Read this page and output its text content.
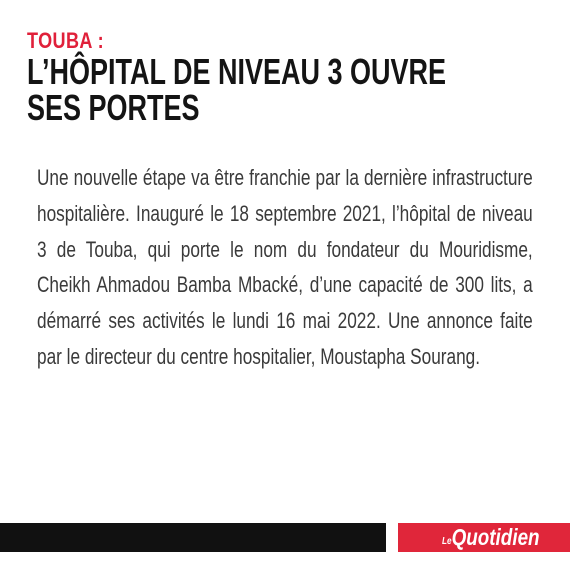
TOUBA :
L’HÔPITAL DE NIVEAU 3 OUVRE SES PORTES
Une nouvelle étape va être franchie par la dernière infrastructure hospitalière. Inauguré le 18 septembre 2021, l’hôpital de niveau 3 de Touba, qui porte le nom du fondateur du Mouridisme, Cheikh Ahmadou Bamba Mbacké, d’une capacité de 300 lits, a démarré ses activités le lundi 16 mai 2022. Une annonce faite par le directeur du centre hospitalier, Moustapha Sourang.
LeQuotidien
